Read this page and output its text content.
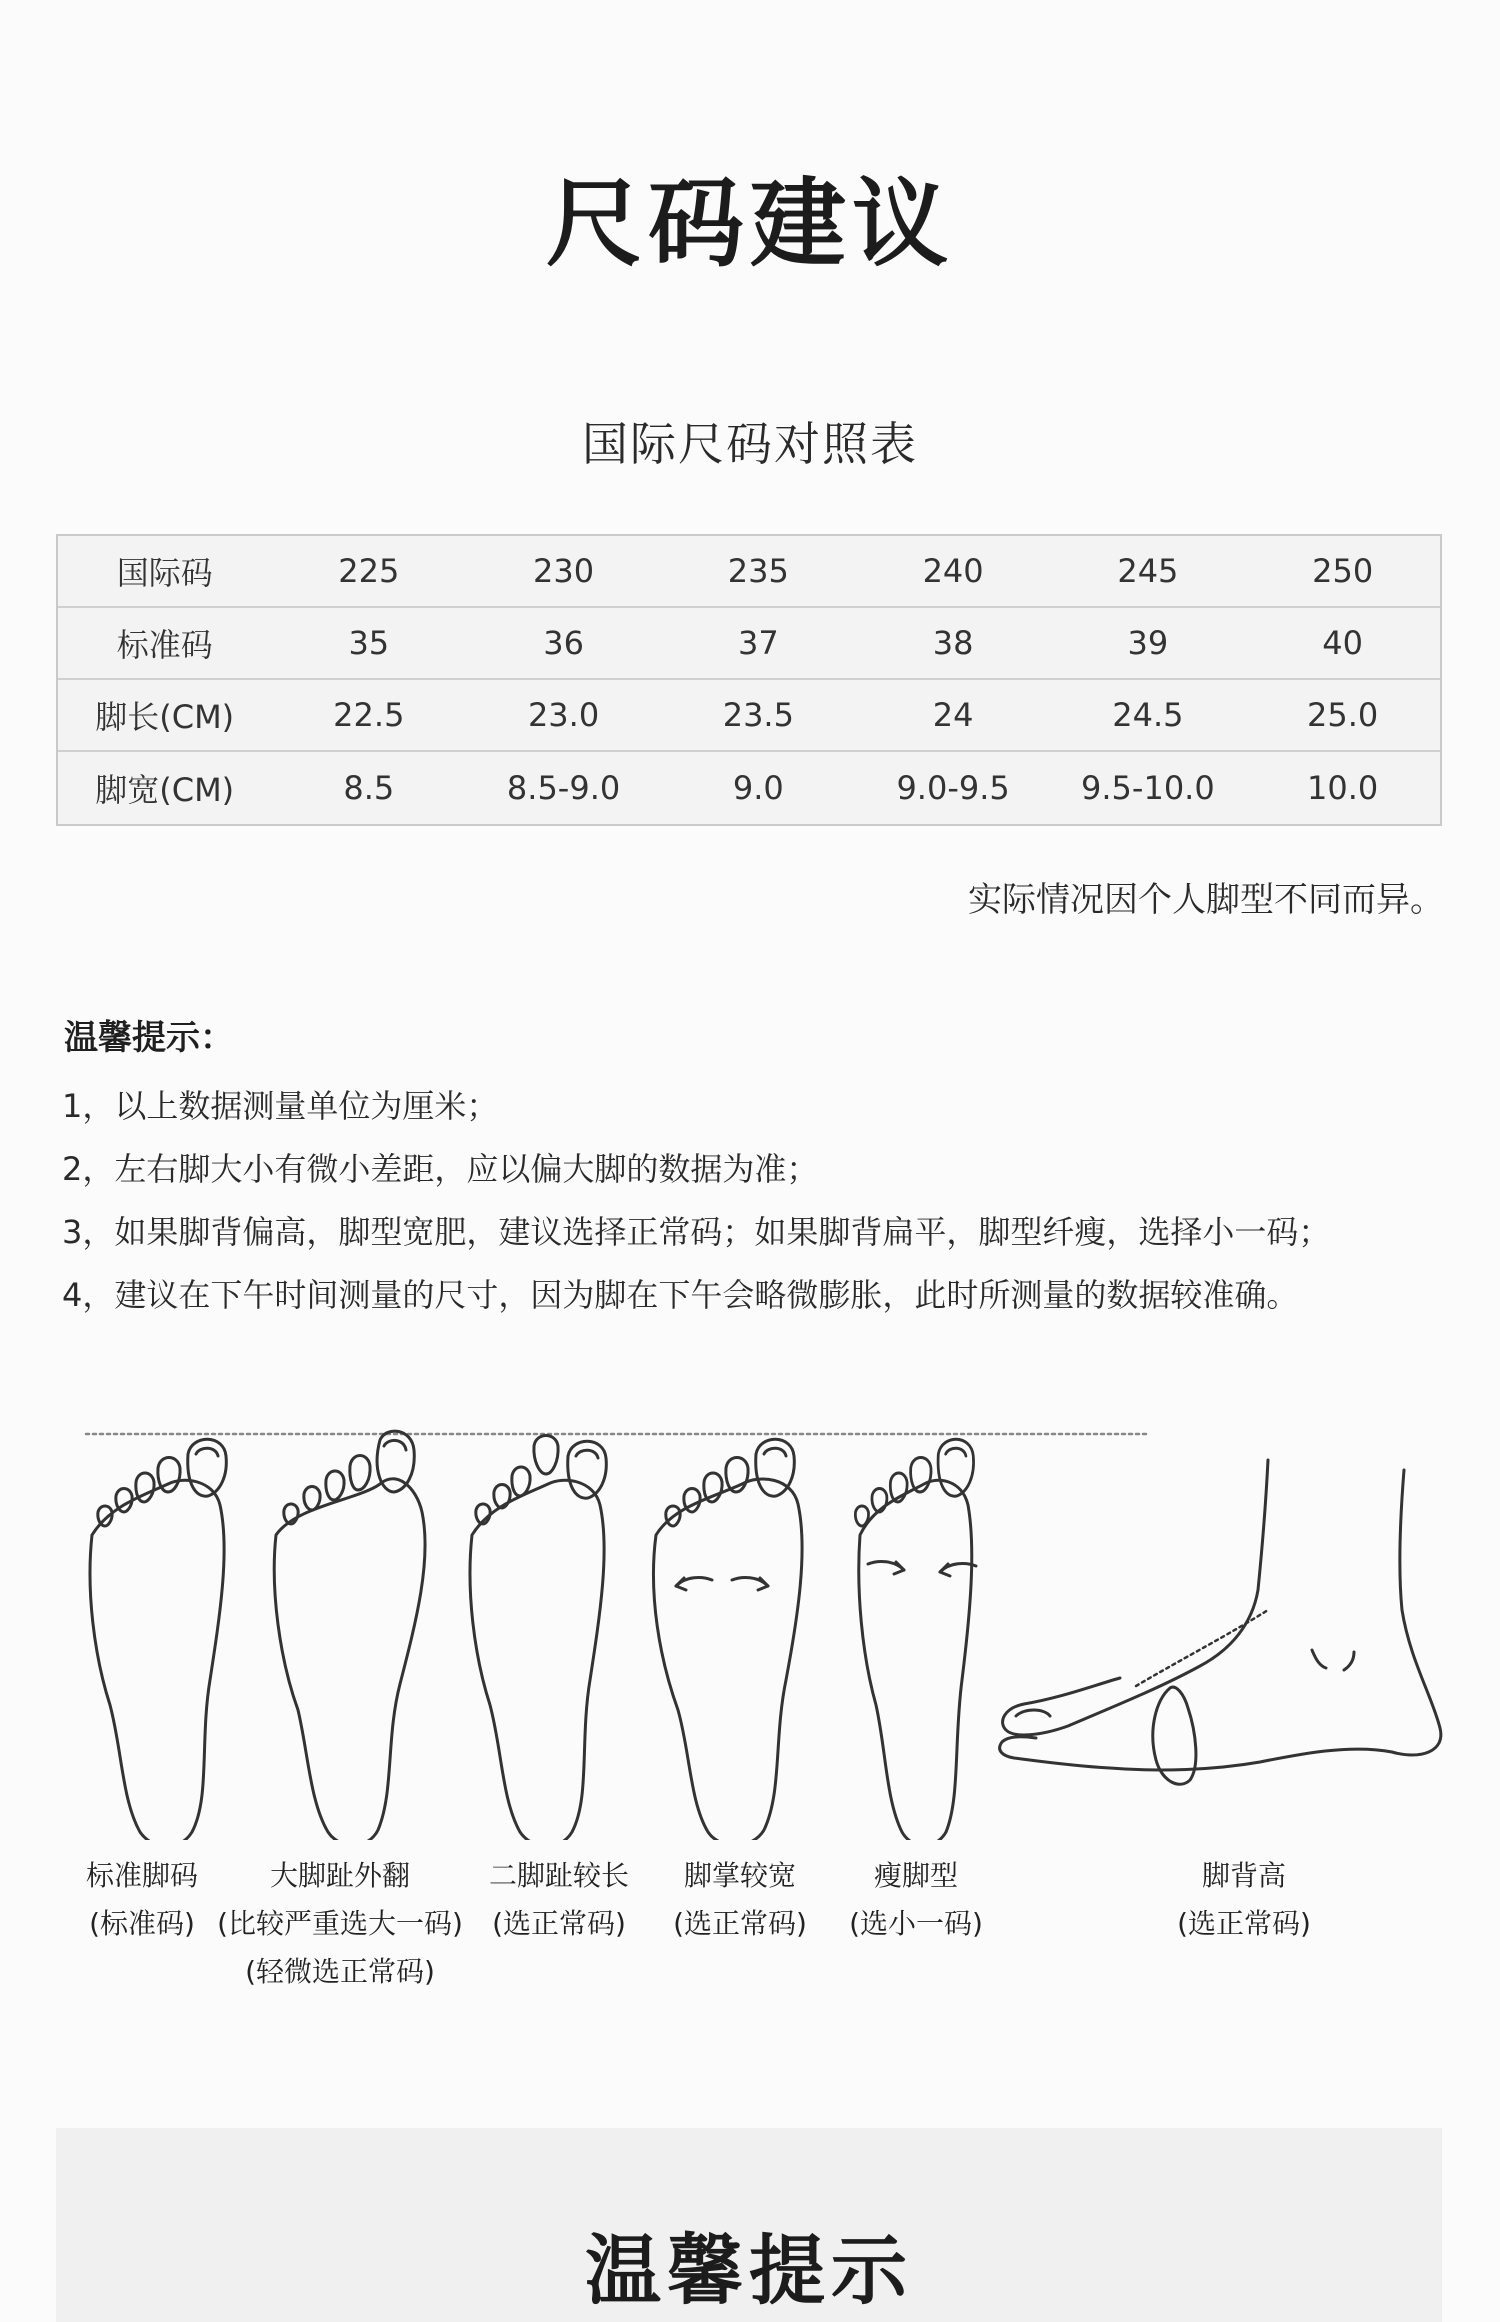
尺码建议
国际尺码对照表
国际码	225	230	235	240	245	250
标准码	35	36	37	38	39	40
脚长(CM)	22.5	23.0	23.5	24	24.5	25.0
脚宽(CM)	8.5	8.5-9.0	9.0	9.0-9.5	9.5-10.0	10.0
实际情况因个人脚型不同而异。
温馨提示：
1，以上数据测量单位为厘米；
2，左右脚大小有微小差距，应以偏大脚的数据为准；
3，如果脚背偏高，脚型宽肥，建议选择正常码；如果脚背扁平，脚型纤瘦，选择小一码；
4，建议在下午时间测量的尺寸，因为脚在下午会略微膨胀，此时所测量的数据较准确。
标准脚码
(标准码)
大脚趾外翻
(比较严重选大一码)
(轻微选正常码)
二脚趾较长
(选正常码)
脚掌较宽
(选正常码)
瘦脚型
(选小一码)
脚背高
(选正常码)
温馨提示
